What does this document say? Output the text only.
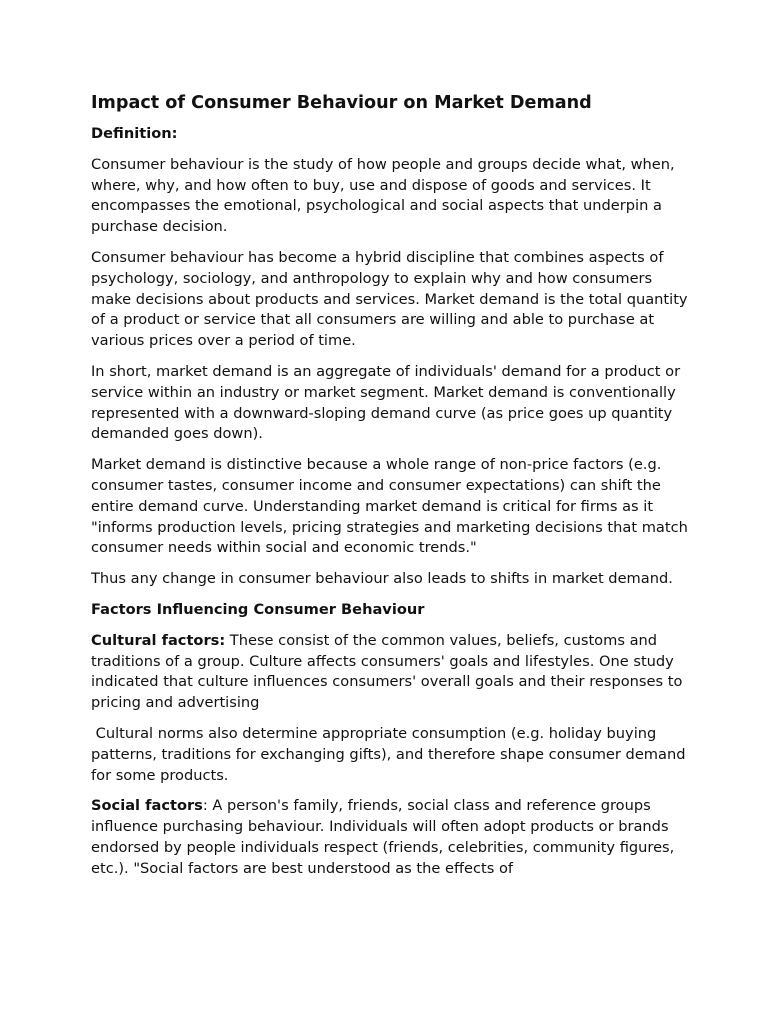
Impact of Consumer Behaviour on Market Demand
Definition:

Consumer behaviour is the study of how people and groups decide what, when, where, why, and how often to buy, use and dispose of goods and services. It encompasses the emotional, psychological and social aspects that underpin a purchase decision.

Consumer behaviour has become a hybrid discipline that combines aspects of psychology, sociology, and anthropology to explain why and how consumers make decisions about products and services. Market demand is the total quantity of a product or service that all consumers are willing and able to purchase at various prices over a period of time.

In short, market demand is an aggregate of individuals' demand for a product or service within an industry or market segment. Market demand is conventionally represented with a downward-sloping demand curve (as price goes up quantity demanded goes down).

Market demand is distinctive because a whole range of non-price factors (e.g. consumer tastes, consumer income and consumer expectations) can shift the entire demand curve. Understanding market demand is critical for firms as it "informs production levels, pricing strategies and marketing decisions that match consumer needs within social and economic trends."

Thus any change in consumer behaviour also leads to shifts in market demand.

Factors Influencing Consumer Behaviour

Cultural factors: These consist of the common values, beliefs, customs and traditions of a group. Culture affects consumers' goals and lifestyles. One study indicated that culture influences consumers' overall goals and their responses to pricing and advertising

Cultural norms also determine appropriate consumption (e.g. holiday buying patterns, traditions for exchanging gifts), and therefore shape consumer demand for some products.

Social factors: A person's family, friends, social class and reference groups influence purchasing behaviour. Individuals will often adopt products or brands endorsed by people individuals respect (friends, celebrities, community figures, etc.). "Social factors are best understood as the effects of
